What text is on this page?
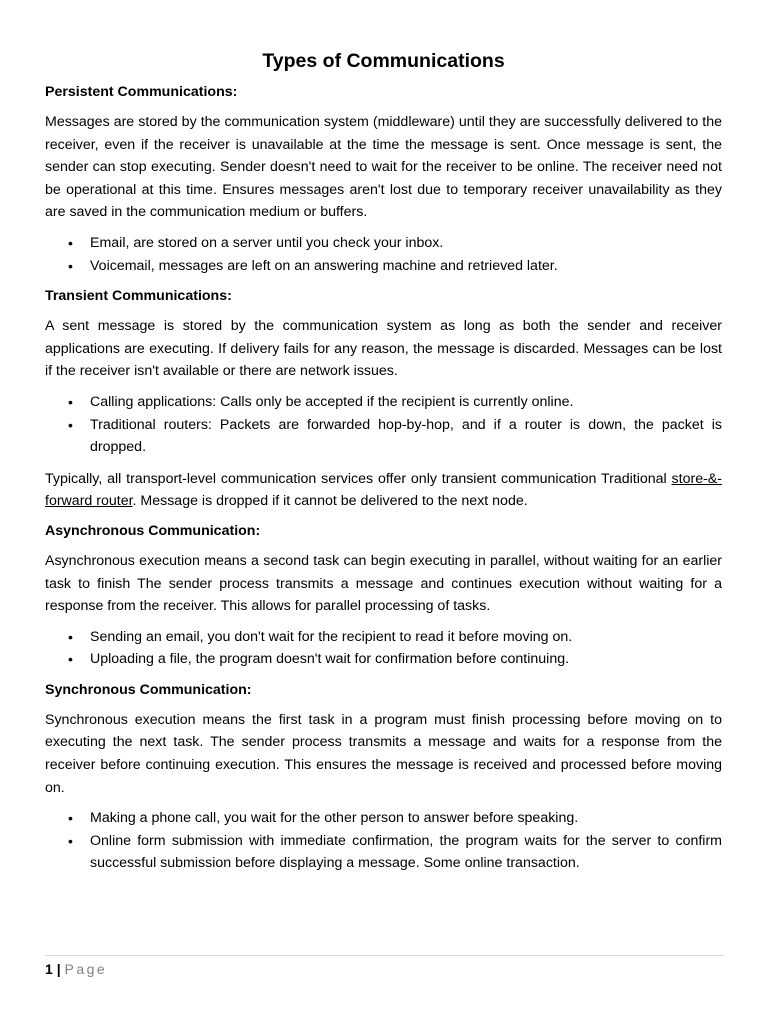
Types of Communications
Persistent Communications:

Messages are stored by the communication system (middleware) until they are successfully delivered to the receiver, even if the receiver is unavailable at the time the message is sent. Once message is sent, the sender can stop executing. Sender doesn't need to wait for the receiver to be online. The receiver need not be operational at this time. Ensures messages aren't lost due to temporary receiver unavailability as they are saved in the communication medium or buffers.

• Email, are stored on a server until you check your inbox.
• Voicemail, messages are left on an answering machine and retrieved later.
Transient Communications:

A sent message is stored by the communication system as long as both the sender and receiver applications are executing. If delivery fails for any reason, the message is discarded. Messages can be lost if the receiver isn't available or there are network issues.

• Calling applications: Calls only be accepted if the recipient is currently online.
• Traditional routers: Packets are forwarded hop-by-hop, and if a router is down, the packet is dropped.

Typically, all transport-level communication services offer only transient communication Traditional store-&-forward router. Message is dropped if it cannot be delivered to the next node.

Asynchronous Communication:

Asynchronous execution means a second task can begin executing in parallel, without waiting for an earlier task to finish The sender process transmits a message and continues execution without waiting for a response from the receiver. This allows for parallel processing of tasks.

• Sending an email, you don't wait for the recipient to read it before moving on.
• Uploading a file, the program doesn't wait for confirmation before continuing.
Synchronous Communication:

Synchronous execution means the first task in a program must finish processing before moving on to executing the next task. The sender process transmits a message and waits for a response from the receiver before continuing execution. This ensures the message is received and processed before moving on.

• Making a phone call, you wait for the other person to answer before speaking.
• Online form submission with immediate confirmation, the program waits for the server to confirm successful submission before displaying a message. Some online transaction.
1 | Page
